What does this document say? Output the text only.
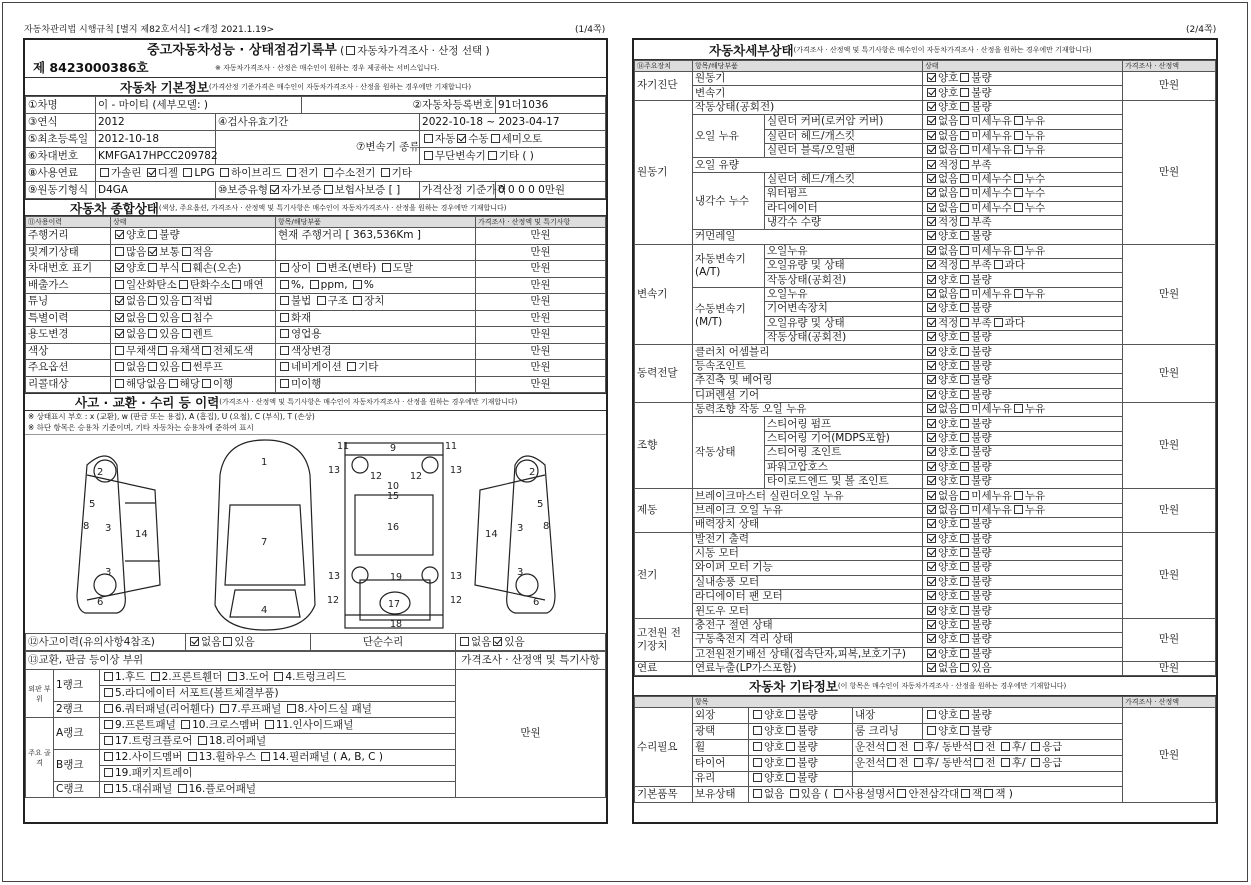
자동차관리법 시행규칙 [별지 제82호서식] <개정 2021.1.19>	(1/4쪽)	(2/4쪽)
중고자동차성능 · 상태점검기록부 ( 자동차가격조사 · 산정 선택 )
제 8423000386호	※ 자동차가격조사 · 산정은 매수인이 원하는 경우 제공하는 서비스입니다.
자동차 기본정보 (가격산정 기준가격은 매수인이 자동차가격조사 · 산정을 원하는 경우에만 기재합니다)
①차명	이 - 마이티 (세부모델: )		②자동차등록번호		91더1036
③연식	2012	④검사유효기간		2022-10-18 ~ 2023-04-17	
⑤최초등록일	2012-10-18	⑦변속기 종류		자동 수동 세미오토	
⑥차대번호	KMFGA17HPCC209782			무단변속기 기타 ( )	
⑧사용연료	가솔린 디젤 LPG 하이브리드 전기 수소전기 기타				
⑨원동기형식	D4GA	⑩보증유형 자가보증 보험사보증 [ ]		가격산정 기준가격	0 0 0 0 0만원
자동차 종합상태 (색상, 주요옵션, 가격조사 · 산정액 및 특기사항은 매수인이 자동차가격조사 · 산정을 원하는 경우에만 기재합니다)
⑪사용이력	상태	항목/해당부품	가격조사 · 산정액 및 특기사항
주행거리	양호 불량	현재 주행거리 [ 363,536Km ]	만원
및계기상태	많음 보통 적음		만원
차대번호 표기	양호 부식 훼손(오손)	상이 변조(변타) 도말	만원
배출가스	일산화탄소 탄화수소 매연	%, ppm, %	만원
튜닝	없음 있음 적법	불법 구조 장치	만원
특별이력	없음 있음 침수	화재	만원
용도변경	없음 있음 렌트	영업용	만원
색상	무채색 유채색 전체도색	색상변경	만원
주요옵션	없음 있음 썬루프	네비게이션 기타	만원
리콜대상	해당없음 해당 이행	미이행	만원
사고 · 교환 · 수리 등 이력 (가격조사 · 산정액 및 특기사항은 매수인이 자동차가격조사 · 산정을 원하는 경우에만 기재합니다)
※ 상태표시 부호 : x (교환), w (판금 또는 용접), A (흠집), U (요철), C (부식), T (손상)
※ 하단 항목은 승용차 기준이며, 기타 자동차는 승용차에 준하여 표시
2
5
8 3
3
14
6
1
7
4
9
11	11
13	13
12	12
10
15
16
13	13
19
12	12
17
18
2
5
8
3
3
14
6
⑫사고이력(유의사항4참조)	없음 있음	단순수리	없음 있음
⑬교환, 판금 등이상 부위			가격조사 · 산정액 및 특기사항
외판 부위	1랭크	1.후드 2.프론트휀더 3.도어 4.트렁크리드	만원
		5.라디에이터 서포트(볼트체결부품)	
	2랭크	6.쿼터패널(리어휀다) 7.루프패널 8.사이드실 패널	
주요 골격	A랭크	9.프론트패널 10.크로스멤버 11.인사이드패널	
		17.트렁크플로어 18.리어패널	
	B랭크	12.사이드멤버 13.휠하우스 14.필러패널 ( A, B, C )	
		19.패키지트레이	
	C랭크	15.대쉬패널 16.플로어패널	
자동차세부상태 (가격조사 · 산정액 및 특기사항은 매수인이 자동차가격조사 · 산정을 원하는 경우에만 기재합니다)
⑭주요장치	항목/해당부품		상태	가격조사 · 산정액
자기진단	원동기		양호 불량	만원
	변속기		양호 불량	
원동기	작동상태(공회전)		양호 불량	만원
	오일 누유	실린더 커버(로커암 커버)	없음 미세누유 누유	
		실린더 헤드/개스킷	없음 미세누유 누유	
		실린더 블록/오일팬	없음 미세누유 누유	
	오일 유량		적정 부족	
	냉각수 누수	실린더 헤드/개스킷	없음 미세누수 누수	
		워터펌프	없음 미세누수 누수	
		라디에이터	없음 미세누수 누수	
		냉각수 수량	적정 부족	
	커먼레일		양호 불량	
변속기	자동변속기 (A/T)	오일누유	없음 미세누유 누유	만원
		오일유량 및 상태	적정 부족 과다	
		작동상태(공회전)	양호 불량	
	수동변속기 (M/T)	오일누유	없음 미세누유 누유	
		기어변속장치	양호 불량	
		오일유량 및 상태	적정 부족 과다	
		작동상태(공회전)	양호 불량	
동력전달	클러치 어셈블리		양호 불량	만원
	등속조인트		양호 불량	
	추진축 및 베어링		양호 불량	
	디퍼렌셜 기어		양호 불량	
조향	동력조향 작동 오일 누유		없음 미세누유 누유	만원
	작동상태	스티어링 펌프	양호 불량	
		스티어링 기어(MDPS포함)	양호 불량	
		스티어링 조인트	양호 불량	
		파워고압호스	양호 불량	
		타이로드엔드 및 볼 조인트	양호 불량	
제동	브레이크마스터 실린더오일 누유		없음 미세누유 누유	만원
	브레이크 오일 누유		없음 미세누유 누유	
	배력장치 상태		양호 불량	
전기	발전기 출력		양호 불량	만원
	시동 모터		양호 불량	
	와이퍼 모터 기능		양호 불량	
	실내송풍 모터		양호 불량	
	라디에이터 팬 모터		양호 불량	
	윈도우 모터		양호 불량	
고전원 전기장치	충전구 절연 상태		양호 불량	만원
	구동축전지 격리 상태		양호 불량	
	고전원전기배선 상태(접속단자,피복,보호기구)		양호 불량	
연료	연료누출(LP가스포함)		없음 있음	만원
자동차 기타정보 (이 항목은 매수인이 자동차가격조사 · 산정을 원하는 경우에만 기재합니다)
	항목				가격조사 · 산정액
수리필요	외장	양호 불량	내장	양호 불량	만원
	광택	양호 불량	룸 크리닝	양호 불량	
	휠	양호 불량	운전석 전 후/ 동반석 전 후/ 응급		
	타이어	양호 불량	운전석 전 후/ 동반석 전 후/ 응급		
	유리	양호 불량			
기본품목	보유상태	없음 있음 ( 사용설명서 안전삼각대 잭 잭 )			
